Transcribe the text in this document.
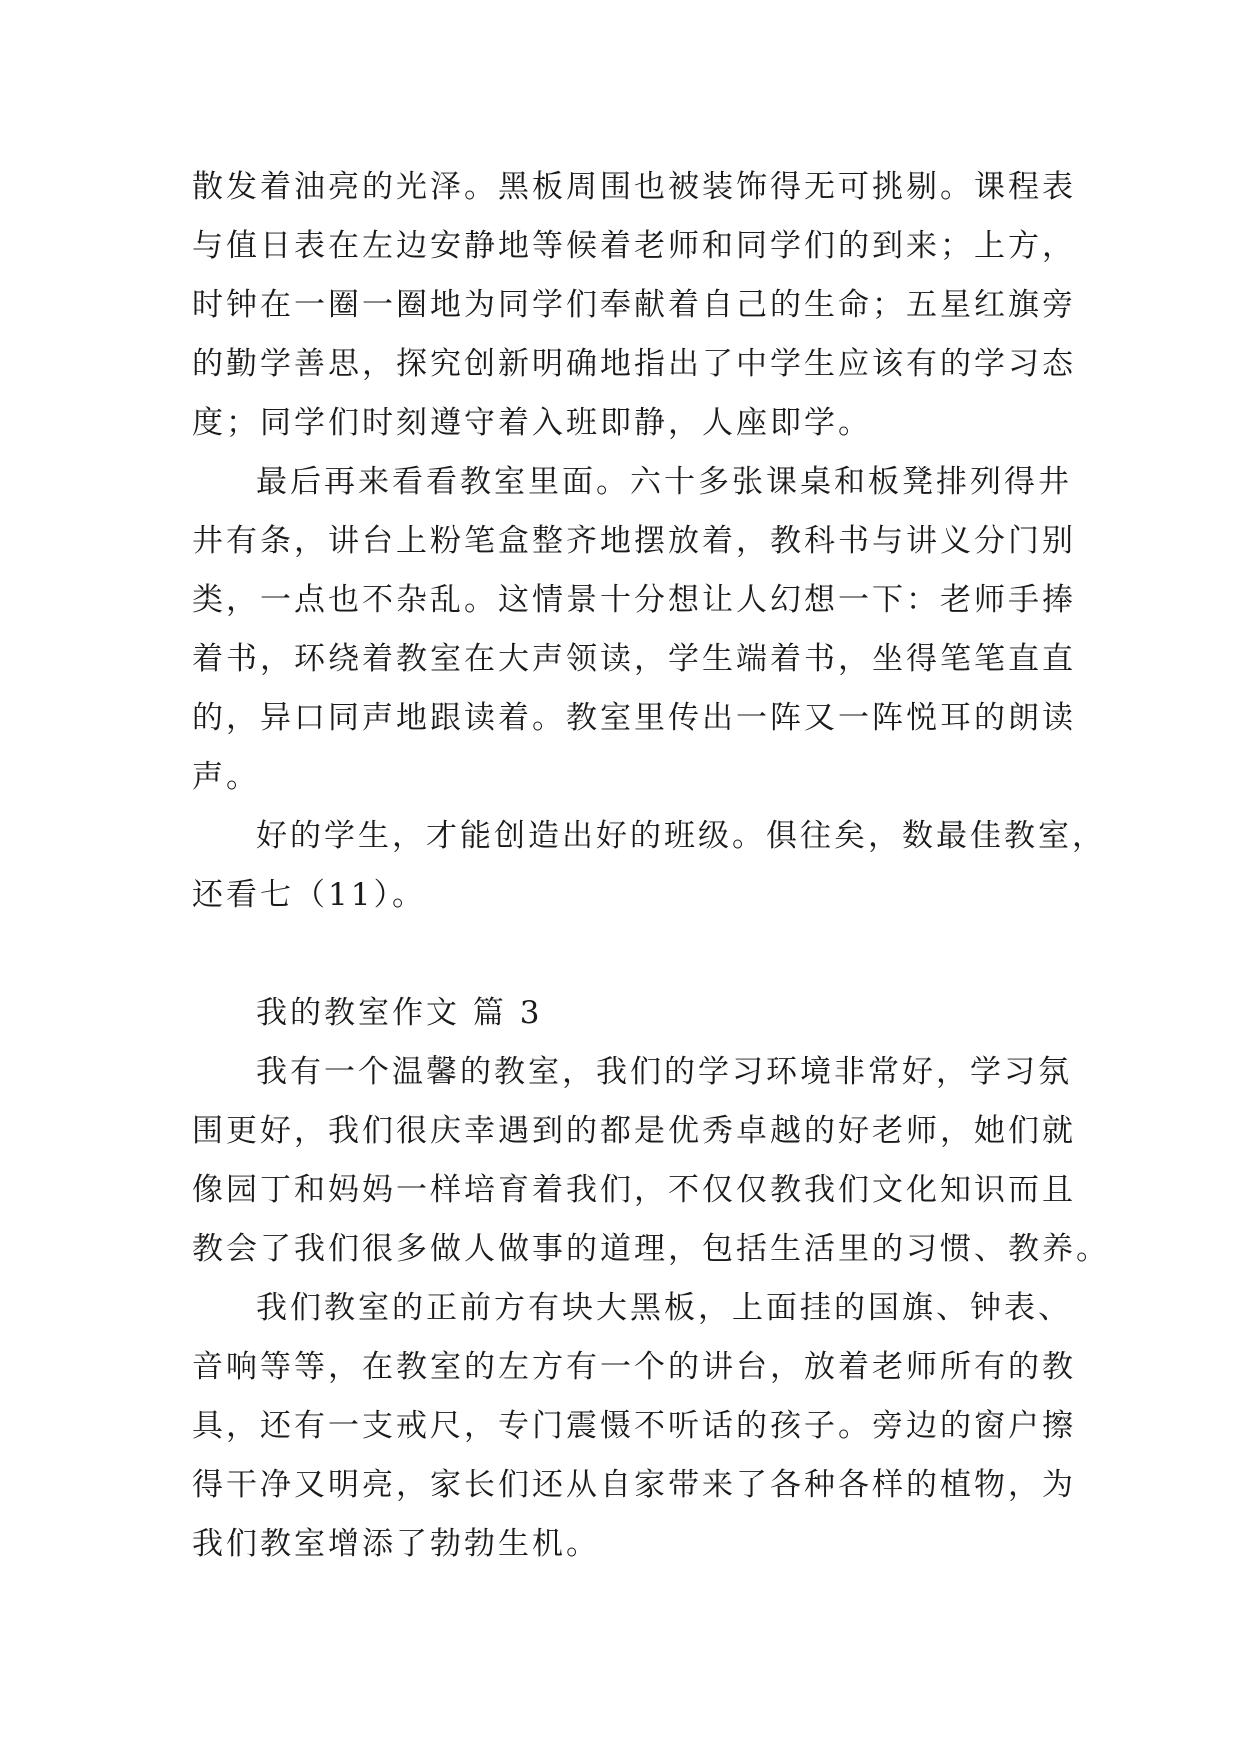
散发着油亮的光泽。黑板周围也被装饰得无可挑剔。课程表
与值日表在左边安静地等候着老师和同学们的到来；上方，
时钟在一圈一圈地为同学们奉献着自己的生命；五星红旗旁
的勤学善思，探究创新明确地指出了中学生应该有的学习态
度；同学们时刻遵守着入班即静，人座即学。

最后再来看看教室里面。六十多张课桌和板凳排列得井
井有条，讲台上粉笔盒整齐地摆放着，教科书与讲义分门别
类，一点也不杂乱。这情景十分想让人幻想一下：老师手捧
着书，环绕着教室在大声领读，学生端着书，坐得笔笔直直
的，异口同声地跟读着。教室里传出一阵又一阵悦耳的朗读
声。

好的学生，才能创造出好的班级。俱往矣，数最佳教室，
还看七（11）。

我的教室作文 篇 3

我有一个温馨的教室，我们的学习环境非常好，学习氛
围更好，我们很庆幸遇到的都是优秀卓越的好老师，她们就
像园丁和妈妈一样培育着我们，不仅仅教我们文化知识而且
教会了我们很多做人做事的道理，包括生活里的习惯、教养。

我们教室的正前方有块大黑板，上面挂的国旗、钟表、
音响等等，在教室的左方有一个的讲台，放着老师所有的教
具，还有一支戒尺，专门震慑不听话的孩子。旁边的窗户擦
得干净又明亮，家长们还从自家带来了各种各样的植物，为
我们教室增添了勃勃生机。
